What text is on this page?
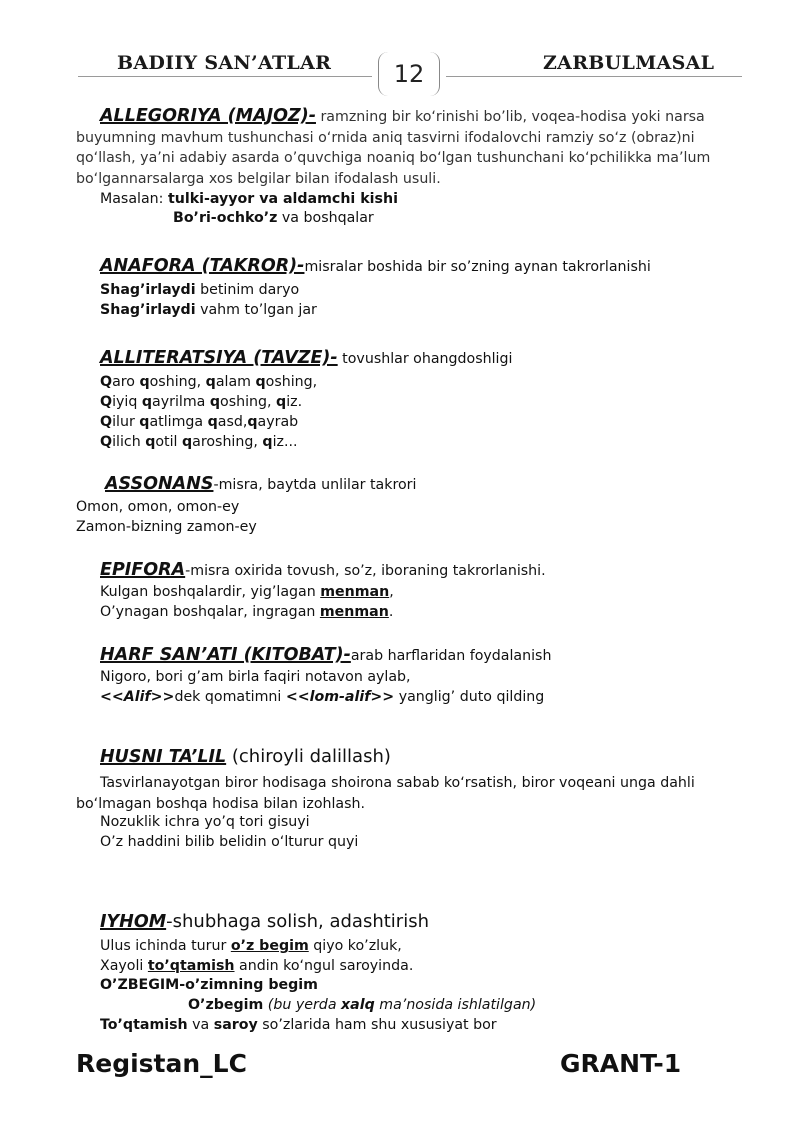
BADIIY SAN’ATLAR	12	ZARBULMASAL
ALLEGORIYA (MAJOZ)- ramzning bir ko‘rinishi bo’lib, voqea-hodisa yoki narsa buyumning mavhum tushunchasi o‘rnida aniq tasvirni ifodalovchi ramziy so‘z (obraz)ni qo‘llash, ya’ni adabiy asarda o’quvchiga noaniq bo‘lgan tushunchani ko‘pchilikka ma’lum bo‘lgannarsalarga xos belgilar bilan ifodalash usuli.
Masalan: tulki-ayyor va aldamchi kishi
Bo’ri-ochko’z va boshqalar
ANAFORA (TAKROR)-misralar boshida bir so’zning aynan takrorlanishi
Shag’irlaydi betinim daryo
Shag’irlaydi vahm to’lgan jar
ALLITERATSIYA (TAVZE)- tovushlar ohangdoshligi
Qaro qoshing, qalam qoshing,
Qiyiq qayrilma qoshing, qiz.
Qilur qatlimga qasd,qayrab
Qilich qotil qaroshing, qiz...
ASSONANS-misra, baytda unlilar takrori
Omon, omon, omon-ey
Zamon-bizning zamon-ey
EPIFORA-misra oxirida tovush, so’z, iboraning takrorlanishi.
Kulgan boshqalardir, yig’lagan menman,
O’ynagan boshqalar, ingragan menman.
HARF SAN’ATI (KITOBAT)-arab harflaridan foydalanish
Nigoro, bori g’am birla faqiri notavon aylab,
<<Alif>>dek qomatimni <<lom-alif>> yanglig’ duto qilding
HUSNI TA’LIL (chiroyli dalillash)
Tasvirlanayotgan biror hodisaga shoirona sabab ko‘rsatish, biror voqeani unga dahli bo‘lmagan boshqa hodisa bilan izohlash.
Nozuklik ichra yo’q tori gisuyi
O’z haddini bilib belidin o‘lturur quyi
IYHOM-shubhaga solish, adashtirish
Ulus ichinda turur o’z begim qiyo ko’zluk,
Xayoli to’qtamish andin ko‘ngul saroyinda.
O’ZBEGIM-o’zimning begim
O’zbegim (bu yerda xalq ma’nosida ishlatilgan)
To’qtamish va saroy so’zlarida ham shu xususiyat bor
Registan_LC	GRANT-1
